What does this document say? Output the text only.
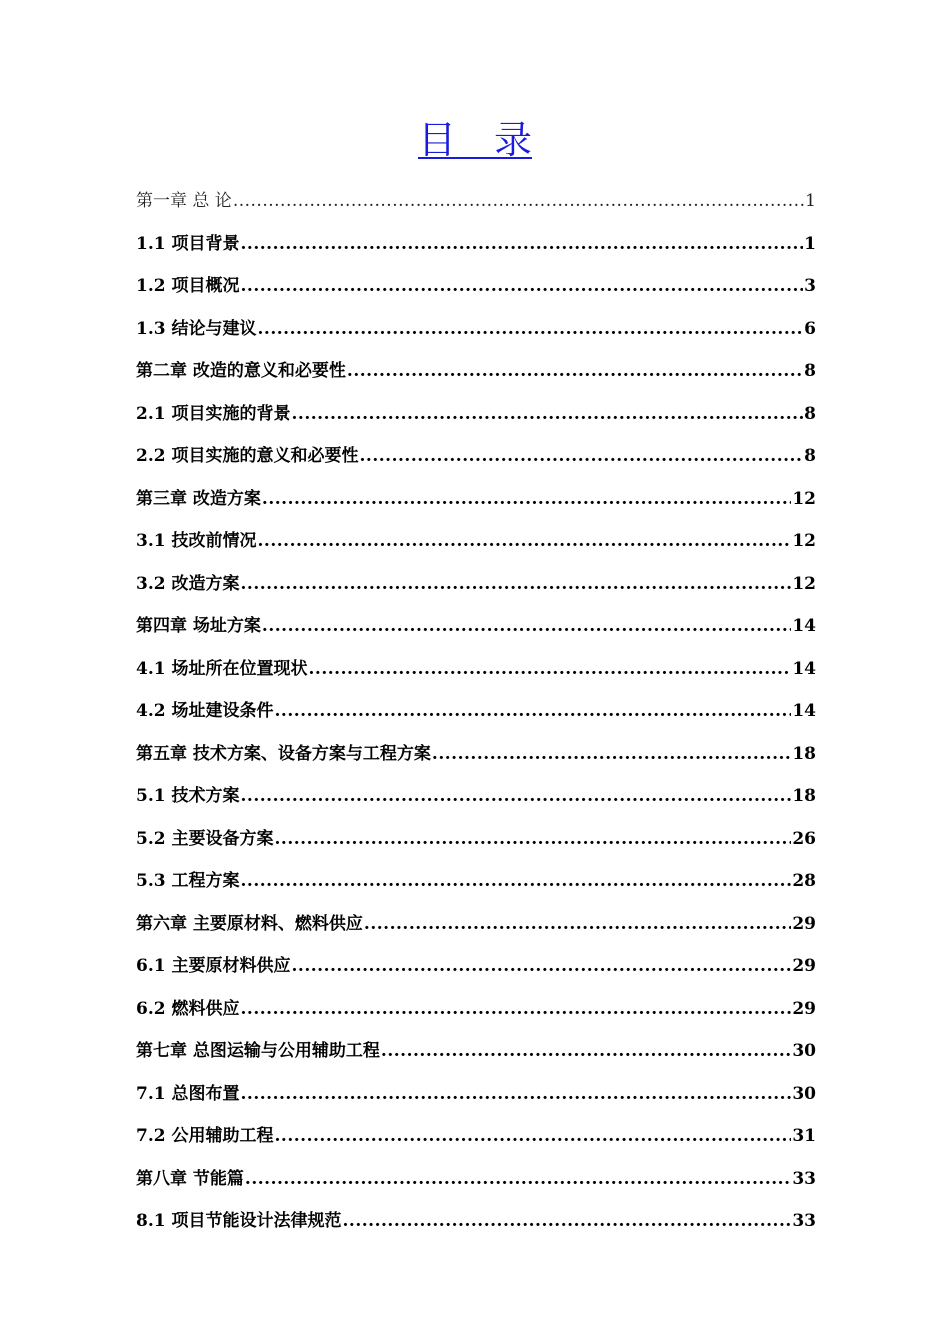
目　录
第一章 总 论 .....	1
1.1 项目背景 .....	1
1.2 项目概况 .....	3
1.3 结论与建议 .....	6
第二章 改造的意义和必要性 .....	8
2.1 项目实施的背景 .....	8
2.2 项目实施的意义和必要性 .....	8
第三章 改造方案 .....	12
3.1 技改前情况 .....	12
3.2 改造方案 .....	12
第四章 场址方案 .....	14
4.1 场址所在位置现状 .....	14
4.2 场址建设条件 .....	14
第五章 技术方案、设备方案与工程方案 .....	18
5.1 技术方案 .....	18
5.2 主要设备方案 .....	26
5.3 工程方案 .....	28
第六章 主要原材料、燃料供应 .....	29
6.1 主要原材料供应 .....	29
6.2 燃料供应 .....	29
第七章 总图运输与公用辅助工程 .....	30
7.1 总图布置 .....	30
7.2 公用辅助工程 .....	31
第八章 节能篇 .....	33
8.1 项目节能设计法律规范 .....	33
